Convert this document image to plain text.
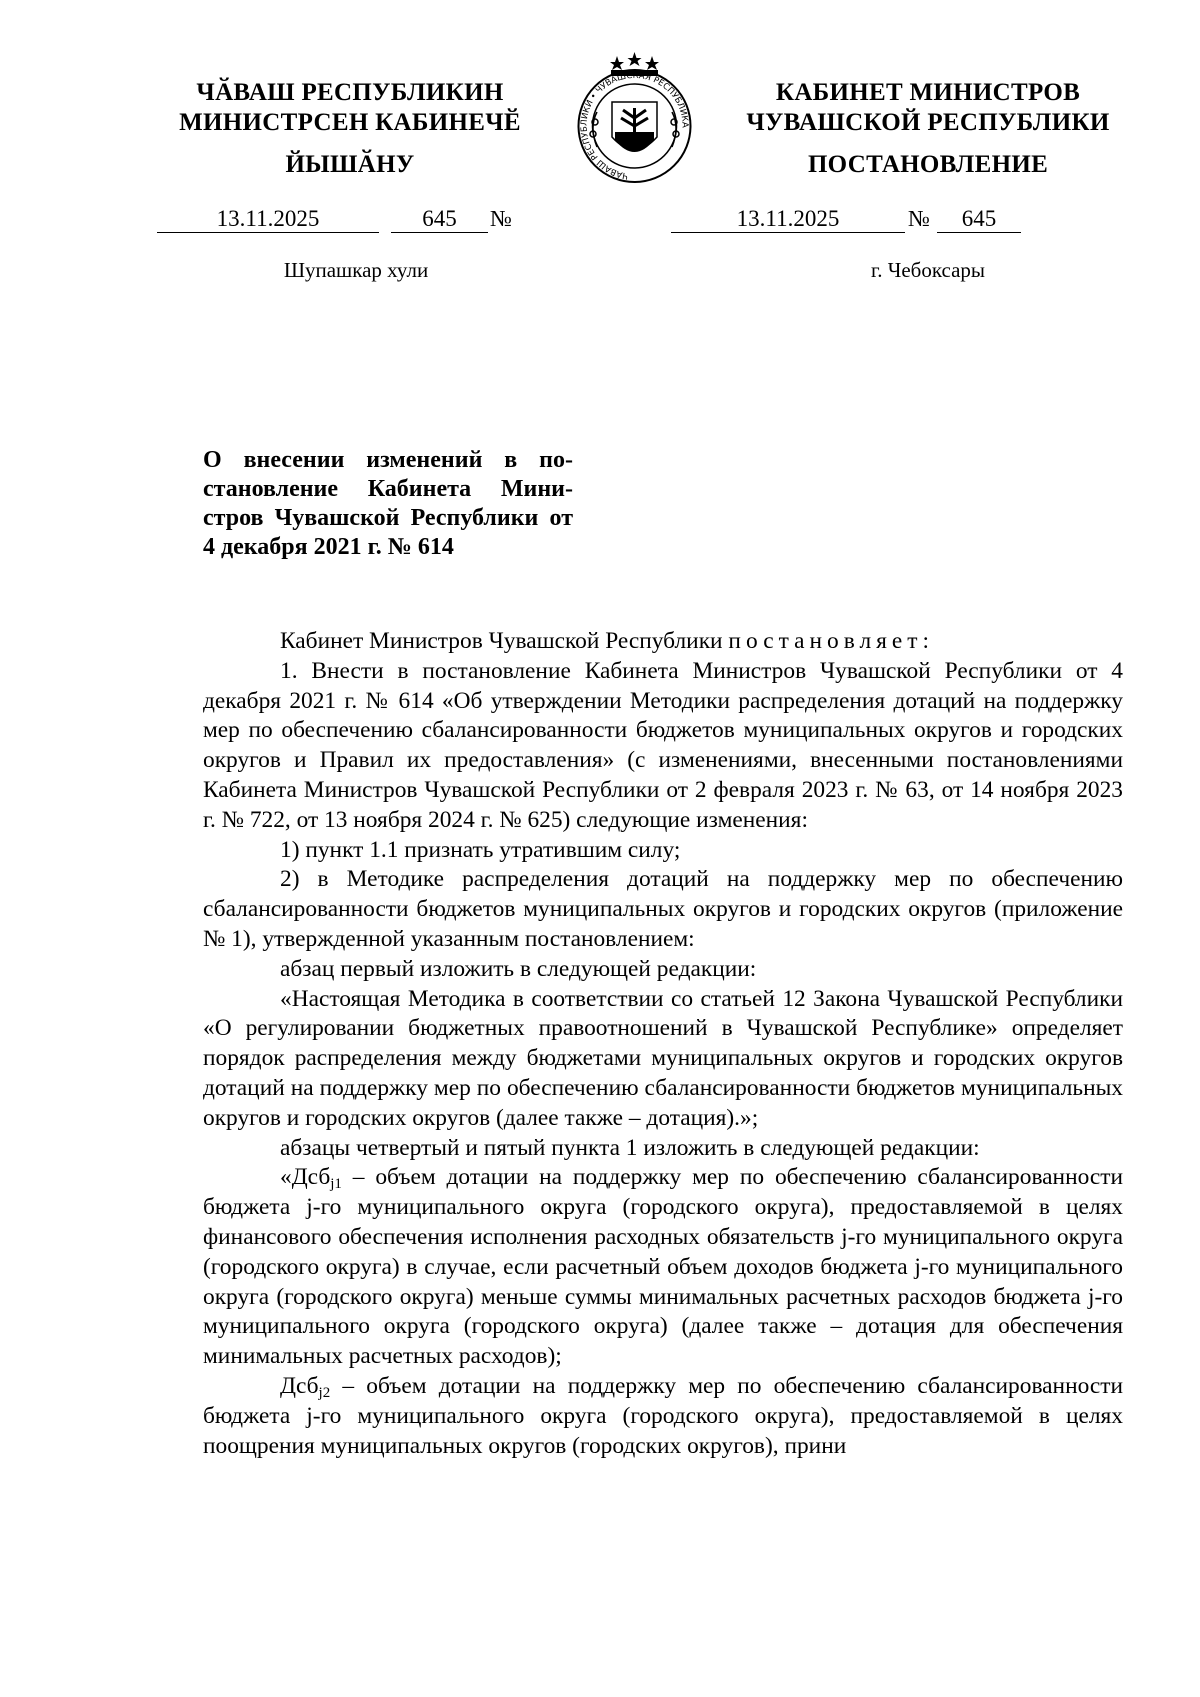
ЧӐВАШ РЕСПУБЛИКИН
МИНИСТРСЕН КАБИНЕЧӖ
ЙЫШӐНУ
КАБИНЕТ МИНИСТРОВ
ЧУВАШСКОЙ РЕСПУБЛИКИ
ПОСТАНОВЛЕНИЕ
ЧӐВАШ РЕСПУБЛИКИ • ЧУВАШСКАЯ РЕСПУБЛИКА
13.11.2025	645	№	13.11.2025	№	645
Шупашкар хули	г. Чебоксары
О внесении изменений в постановление Кабинета Министров Чувашской Республики от 4 декабря 2021 г. № 614

Кабинет Министров Чувашской Республики постановляет:

1. Внести в постановление Кабинета Министров Чувашской Республики от 4 декабря 2021 г. № 614 «Об утверждении Методики распределения дотаций на поддержку мер по обеспечению сбалансированности бюджетов муниципальных округов и городских округов и Правил их предоставления» (с изменениями, внесенными постановлениями Кабинета Министров Чувашской Республики от 2 февраля 2023 г. № 63, от 14 ноября 2023 г. № 722, от 13 ноября 2024 г. № 625) следующие изменения:

1) пункт 1.1 признать утратившим силу;

2) в Методике распределения дотаций на поддержку мер по обеспечению сбалансированности бюджетов муниципальных округов и городских округов (приложение № 1), утвержденной указанным постановлением:

абзац первый изложить в следующей редакции:

«Настоящая Методика в соответствии со статьей 12 Закона Чувашской Республики «О регулировании бюджетных правоотношений в Чувашской Республике» определяет порядок распределения между бюджетами муниципальных округов и городских округов дотаций на поддержку мер по обеспечению сбалансированности бюджетов муниципальных округов и городских округов (далее также – дотация).»;

абзацы четвертый и пятый пункта 1 изложить в следующей редакции:

«Дсб$_{j1}$ – объем дотации на поддержку мер по обеспечению сбалансированности бюджета j-го муниципального округа (городского округа), предоставляемой в целях финансового обеспечения исполнения расходных обязательств j-го муниципального округа (городского округа) в случае, если расчетный объем доходов бюджета j-го муниципального округа (городского округа) меньше суммы минимальных расчетных расходов бюджета j-го муниципального округа (городского округа) (далее также – дотация для обеспечения минимальных расчетных расходов);

Дсб$_{j2}$ – объем дотации на поддержку мер по обеспечению сбалансированности бюджета j-го муниципального округа (городского округа), предоставляемой в целях поощрения муниципальных округов (городских округов), прини
